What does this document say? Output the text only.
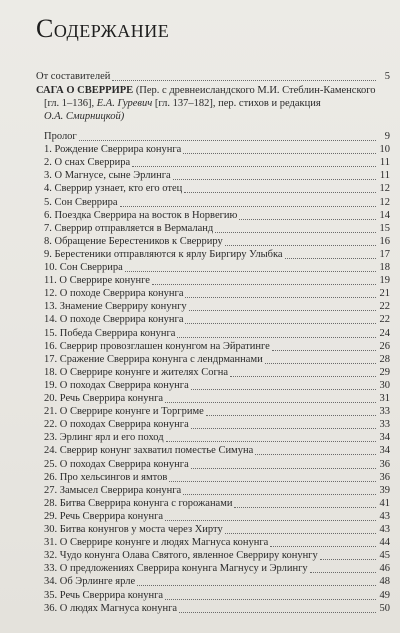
Содержание
От составителей	5
САГА О СВЕРРИРЕ (Пер. с древнеисландского М.И. Стеблин-Каменского
[гл. 1–136], Е.А. Гуревич [гл. 137–182], пер. стихов и редакция
О.А. Смирницкой)
Пролог	9
1. Рождение Сверрира конунга	10
2. О снах Сверрира	11
3. О Магнусе, сыне Эрлинга	11
4. Сверрир узнает, кто его отец	12
5. Сон Сверрира	12
6. Поездка Сверрира на восток в Норвегию	14
7. Сверрир отправляется в Вермаланд	15
8. Обращение Берестеников к Сверриру	16
9. Берестеники отправляются к ярлу Биргиру Улыбка	17
10. Сон Сверрира	18
11. О Сверрире конунге	19
12. О походе Сверрира конунга	21
13. Знамение Сверриру конунгу	22
14. О походе Сверрира конунга	22
15. Победа Сверрира конунга	24
16. Сверрир провозглашен конунгом на Эйратинге	26
17. Сражение Сверрира конунга с лендрманнами	28
18. О Сверрире конунге и жителях Согна	29
19. О походах Сверрира конунга	30
20. Речь Сверрира конунга	31
21. О Сверрире конунге и Торгриме	33
22. О походах Сверрира конунга	33
23. Эрлинг ярл и его поход	34
24. Сверрир конунг захватил поместье Симуна	34
25. О походах Сверрира конунга	36
26. Про хельсингов и ямтов	36
27. Замысел Сверрира конунга	39
28. Битва Сверрира конунга с горожанами	41
29. Речь Сверрира конунга	43
30. Битва конунгов у моста через Хирту	43
31. О Сверрире конунге и людях Магнуса конунга	44
32. Чудо конунга Олава Святого, явленное Сверриру конунгу	45
33. О предложениях Сверрира конунга Магнусу и Эрлингу	46
34. Об Эрлинге ярле	48
35. Речь Сверрира конунга	49
36. О людях Магнуса конунга	50
